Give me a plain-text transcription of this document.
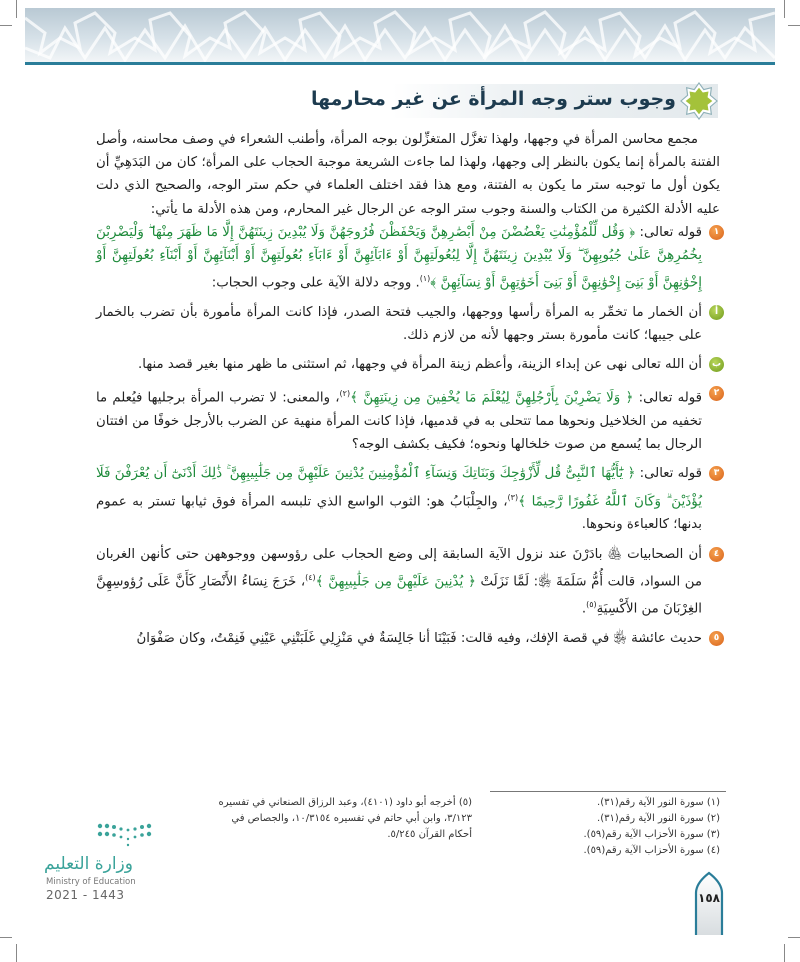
وجوب ستر وجه المرأة عن غير محارمها

مجمع محاسن المرأة في وجهها، ولهذا تغزَّل المتغزِّلون بوجه المرأة، وأطنب الشعراء في وصف محاسنه، وأصل الفتنة بالمرأة إنما يكون بالنظر إلى وجهها، ولهذا لما جاءت الشريعة موجبة الحجاب على المرأة؛ كان من البَدَهِيِّ أن يكون أول ما توجبه ستر ما يكون به الفتنة، ومع هذا فقد اختلف العلماء في حكم ستر الوجه، والصحيح الذي دلت عليه الأدلة الكثيرة من الكتاب والسنة وجوب ستر الوجه عن الرجال غير المحارم، ومن هذه الأدلة ما يأتي:

١
قوله تعالى: ﴿ وَقُل لِّلْمُؤْمِنَٰتِ يَغْضُضْنَ مِنْ أَبْصَٰرِهِنَّ وَيَحْفَظْنَ فُرُوجَهُنَّ وَلَا يُبْدِينَ زِينَتَهُنَّ إِلَّا مَا ظَهَرَ مِنْهَا ۖ وَلْيَضْرِبْنَ بِخُمُرِهِنَّ عَلَىٰ جُيُوبِهِنَّ ۖ وَلَا يُبْدِينَ زِينَتَهُنَّ إِلَّا لِبُعُولَتِهِنَّ أَوْ ءَابَآئِهِنَّ أَوْ ءَابَآءِ بُعُولَتِهِنَّ أَوْ أَبْنَآئِهِنَّ أَوْ أَبْنَآءِ بُعُولَتِهِنَّ أَوْ إِخْوَٰنِهِنَّ أَوْ بَنِىٓ إِخْوَٰنِهِنَّ أَوْ بَنِىٓ أَخَوَٰتِهِنَّ أَوْ نِسَآئِهِنَّ ﴾$^{(١)}$. ووجه دلالة الآية على وجوب الحجاب:

أ
أن الخمار ما تخمِّر به المرأة رأسها ووجهها، والجيب فتحة الصدر، فإذا كانت المرأة مأمورة بأن تضرب بالخمار على جيبها؛ كانت مأمورة بستر وجهها لأنه من لازم ذلك.

ب
أن الله تعالى نهى عن إبداء الزينة، وأعظم زينة المرأة في وجهها، ثم استثنى ما ظهر منها بغير قصد منها.

٢
قوله تعالى: ﴿ وَلَا يَضْرِبْنَ بِأَرْجُلِهِنَّ لِيُعْلَمَ مَا يُخْفِينَ مِن زِينَتِهِنَّ ﴾$^{(٢)}$، والمعنى: لا تضرب المرأة برجليها فيُعلم ما تخفيه من الخلاخيل ونحوها مما تتحلى به في قدميها، فإذا كانت المرأة منهية عن الضرب بالأرجل خوفًا من افتتان الرجال بما يُسمع من صوت خلخالها ونحوه؛ فكيف بكشف الوجه؟

٣
قوله تعالى: ﴿ يَٰٓأَيُّهَا ٱلنَّبِىُّ قُل لِّأَزْوَٰجِكَ وَبَنَاتِكَ وَنِسَآءِ ٱلْمُؤْمِنِينَ يُدْنِينَ عَلَيْهِنَّ مِن جَلَٰبِيبِهِنَّ ۚ ذَٰلِكَ أَدْنَىٰٓ أَن يُعْرَفْنَ فَلَا يُؤْذَيْنَ ۗ وَكَانَ ٱللَّهُ غَفُورًا رَّحِيمًا ﴾$^{(٣)}$، والجِلْبَابُ هو: الثوب الواسع الذي تلبسه المرأة فوق ثيابها تستر به عموم بدنها؛ كالعباءة ونحوها.

٤
أن الصحابيات ﵅ بادَرْنَ عند نزول الآية السابقة إلى وضع الحجاب على رؤوسهن ووجوههن حتى كأنهن الغربان من السواد، قالت أُمُّ سَلَمَةَ ﵂: لَمَّا نَزَلَتْ ﴿ يُدْنِينَ عَلَيْهِنَّ مِن جَلَٰبِيبِهِنَّ ﴾$^{(٤)}$، خَرَجَ نِسَاءُ الأَنْصَارِ كَأَنَّ عَلَى رُؤوسِهِنَّ الغِرْبَانَ من الأَكْسِيَةِ$^{(٥)}$.

٥
حديث عائشة ﵂ في قصة الإفك، وفيه قالت: فَبَيْنَا أنا جَالِسَةٌ في مَنْزِلِي غَلَبَتْنِي عَيْنِي فَنِمْتُ، وكان صَفْوَانُ

(١) سورة النور الآية رقم(٣١).
(٢) سورة النور الآية رقم(٣١).
(٣) سورة الأحزاب الآية رقم(٥٩).
(٤) سورة الأحزاب الآية رقم(٥٩).
(٥) أخرجه أبو داود (٤١٠١)، وعبد الرزاق الصنعاني في تفسيره ٣/١٢٣، وابن أبي حاتم في تفسيره ١٠/٣١٥٤، والجصاص في أحكام القرآن ٥/٢٤٥.
وزارة التعليم
Ministry of Education
2021 - 1443	١٥٨
